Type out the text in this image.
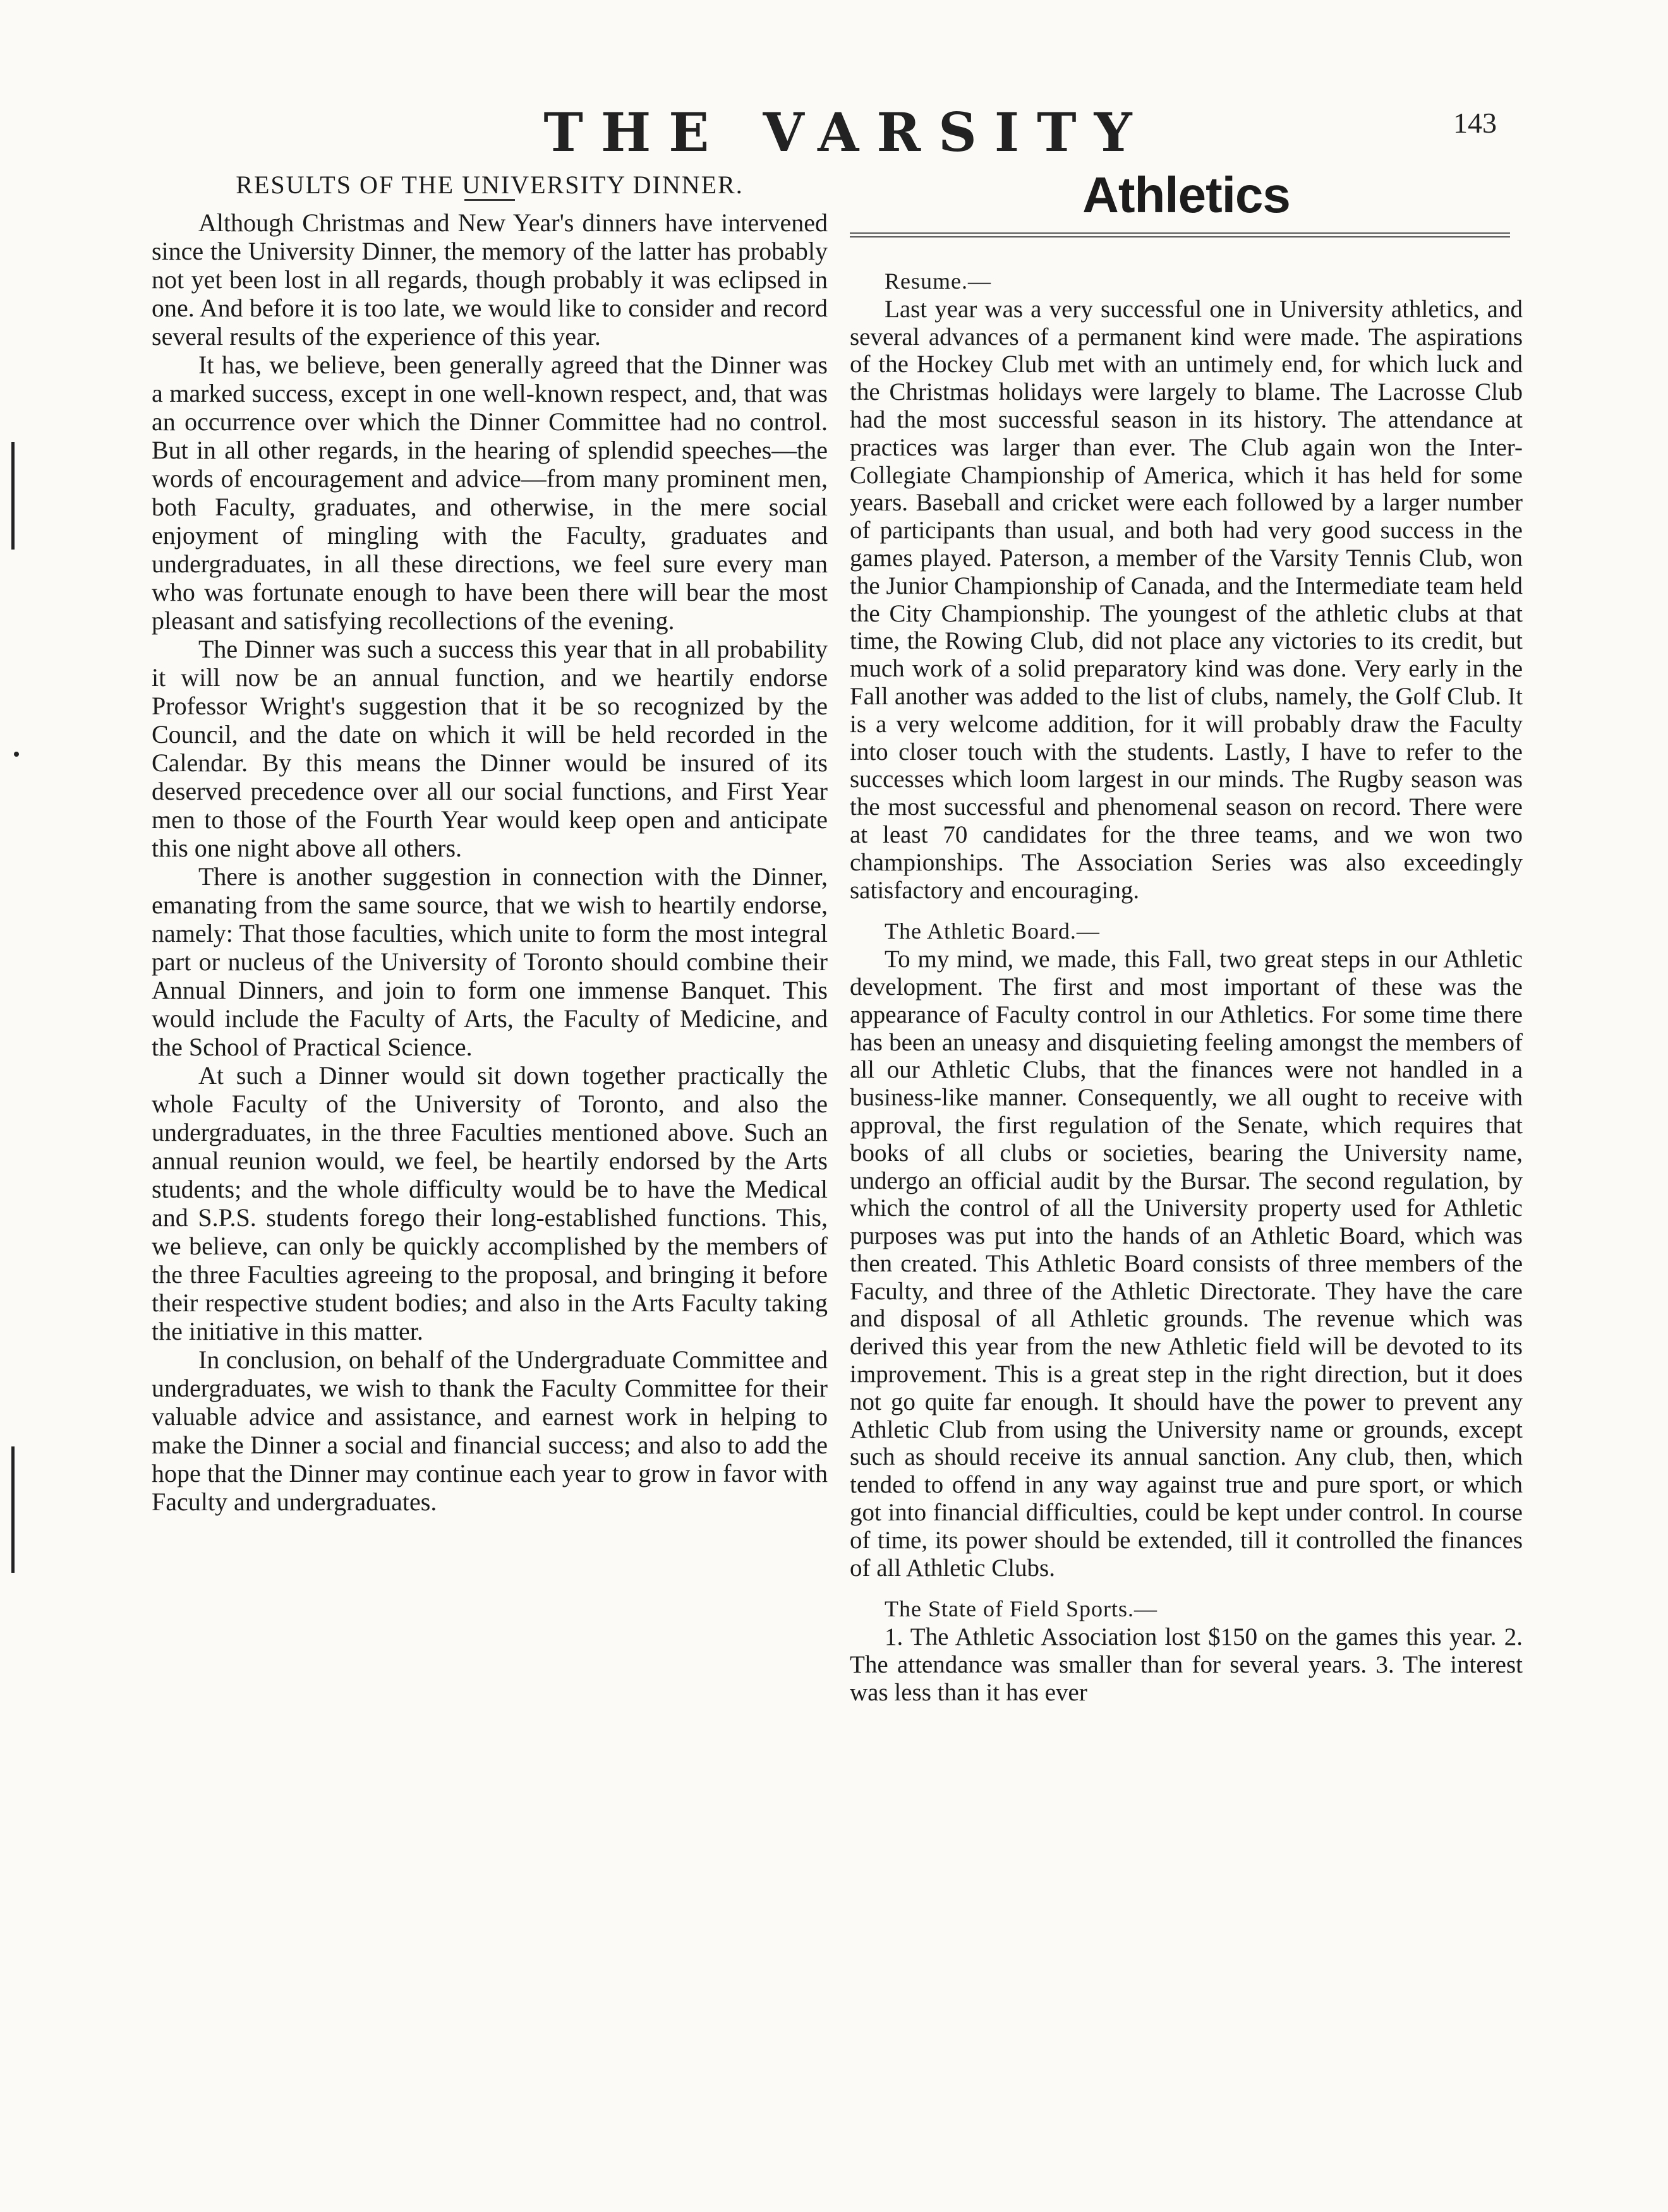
THE VARSITY	143

RESULTS OF THE UNIVERSITY DINNER.

Although Christmas and New Year's dinners have intervened since the University Dinner, the memory of the latter has probably not yet been lost in all regards, though probably it was eclipsed in one. And before it is too late, we would like to consider and record several results of the experience of this year.

It has, we believe, been generally agreed that the Dinner was a marked success, except in one well-known respect, and, that was an occurrence over which the Dinner Committee had no control. But in all other regards, in the hearing of splendid speeches—the words of encouragement and advice—from many prominent men, both Faculty, graduates, and otherwise, in the mere social enjoyment of mingling with the Faculty, graduates and undergraduates, in all these directions, we feel sure every man who was fortunate enough to have been there will bear the most pleasant and satisfying recollections of the evening.

The Dinner was such a success this year that in all probability it will now be an annual function, and we heartily endorse Professor Wright's suggestion that it be so recognized by the Council, and the date on which it will be held recorded in the Calendar. By this means the Dinner would be insured of its deserved precedence over all our social functions, and First Year men to those of the Fourth Year would keep open and anticipate this one night above all others.

There is another suggestion in connection with the Dinner, emanating from the same source, that we wish to heartily endorse, namely: That those faculties, which unite to form the most integral part or nucleus of the University of Toronto should combine their Annual Dinners, and join to form one immense Banquet. This would include the Faculty of Arts, the Faculty of Medicine, and the School of Practical Science.

At such a Dinner would sit down together practically the whole Faculty of the University of Toronto, and also the undergraduates, in the three Faculties mentioned above. Such an annual reunion would, we feel, be heartily endorsed by the Arts students; and the whole difficulty would be to have the Medical and S.P.S. students forego their long-established functions. This, we believe, can only be quickly accomplished by the members of the three Faculties agreeing to the proposal, and bringing it before their respective student bodies; and also in the Arts Faculty taking the initiative in this matter.

In conclusion, on behalf of the Undergraduate Committee and undergraduates, we wish to thank the Faculty Committee for their valuable advice and assistance, and earnest work in helping to make the Dinner a social and financial success; and also to add the hope that the Dinner may continue each year to grow in favor with Faculty and undergraduates.

Athletics

Resume.—

Last year was a very successful one in University athletics, and several advances of a permanent kind were made. The aspirations of the Hockey Club met with an untimely end, for which luck and the Christmas holidays were largely to blame. The Lacrosse Club had the most successful season in its history. The attendance at practices was larger than ever. The Club again won the Inter-Collegiate Championship of America, which it has held for some years. Baseball and cricket were each followed by a larger number of participants than usual, and both had very good success in the games played. Paterson, a member of the Varsity Tennis Club, won the Junior Championship of Canada, and the Intermediate team held the City Championship. The youngest of the athletic clubs at that time, the Rowing Club, did not place any victories to its credit, but much work of a solid preparatory kind was done. Very early in the Fall another was added to the list of clubs, namely, the Golf Club. It is a very welcome addition, for it will probably draw the Faculty into closer touch with the students. Lastly, I have to refer to the successes which loom largest in our minds. The Rugby season was the most successful and phenomenal season on record. There were at least 70 candidates for the three teams, and we won two championships. The Association Series was also exceedingly satisfactory and encouraging.

The Athletic Board.—

To my mind, we made, this Fall, two great steps in our Athletic development. The first and most important of these was the appearance of Faculty control in our Athletics. For some time there has been an uneasy and disquieting feeling amongst the members of all our Athletic Clubs, that the finances were not handled in a business-like manner. Consequently, we all ought to receive with approval, the first regulation of the Senate, which requires that books of all clubs or societies, bearing the University name, undergo an official audit by the Bursar. The second regulation, by which the control of all the University property used for Athletic purposes was put into the hands of an Athletic Board, which was then created. This Athletic Board consists of three members of the Faculty, and three of the Athletic Directorate. They have the care and disposal of all Athletic grounds. The revenue which was derived this year from the new Athletic field will be devoted to its improvement. This is a great step in the right direction, but it does not go quite far enough. It should have the power to prevent any Athletic Club from using the University name or grounds, except such as should receive its annual sanction. Any club, then, which tended to offend in any way against true and pure sport, or which got into financial difficulties, could be kept under control. In course of time, its power should be extended, till it controlled the finances of all Athletic Clubs.

The State of Field Sports.—

1. The Athletic Association lost $150 on the games this year. 2. The attendance was smaller than for several years. 3. The interest was less than it has ever
